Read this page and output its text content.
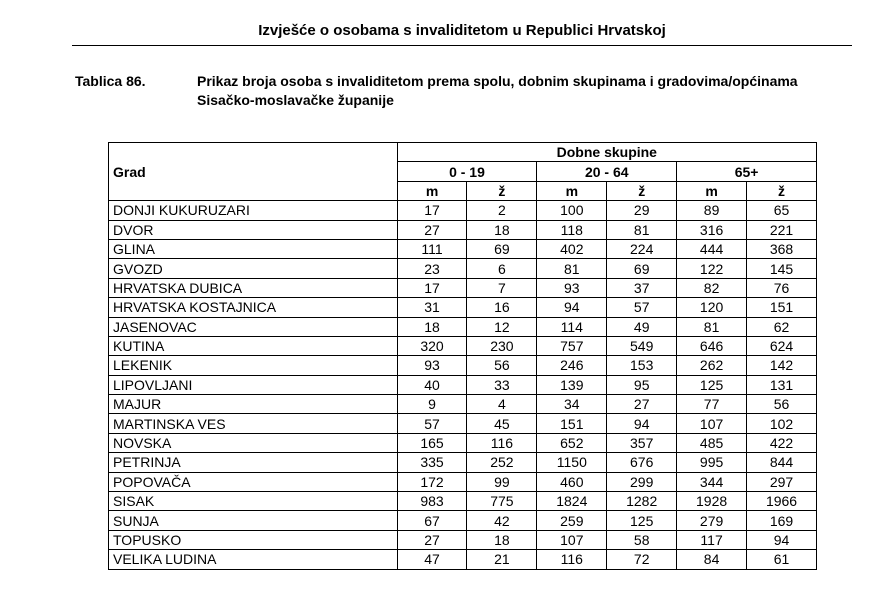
Izvješće o osobama s invaliditetom u Republici Hrvatskoj
Tablica 86.	Prikaz broja osoba s invaliditetom prema spolu, dobnim skupinama i gradovima/općinama
Sisačko-moslavačke županije
Grad	Dobne skupine					
	0 - 19		20 - 64		65+	
	m	ž	m	ž	m	ž
DONJI KUKURUZARI	17	2	100	29	89	65
DVOR	27	18	118	81	316	221
GLINA	111	69	402	224	444	368
GVOZD	23	6	81	69	122	145
HRVATSKA DUBICA	17	7	93	37	82	76
HRVATSKA KOSTAJNICA	31	16	94	57	120	151
JASENOVAC	18	12	114	49	81	62
KUTINA	320	230	757	549	646	624
LEKENIK	93	56	246	153	262	142
LIPOVLJANI	40	33	139	95	125	131
MAJUR	9	4	34	27	77	56
MARTINSKA VES	57	45	151	94	107	102
NOVSKA	165	116	652	357	485	422
PETRINJA	335	252	1150	676	995	844
POPOVAČA	172	99	460	299	344	297
SISAK	983	775	1824	1282	1928	1966
SUNJA	67	42	259	125	279	169
TOPUSKO	27	18	107	58	117	94
VELIKA LUDINA	47	21	116	72	84	61
